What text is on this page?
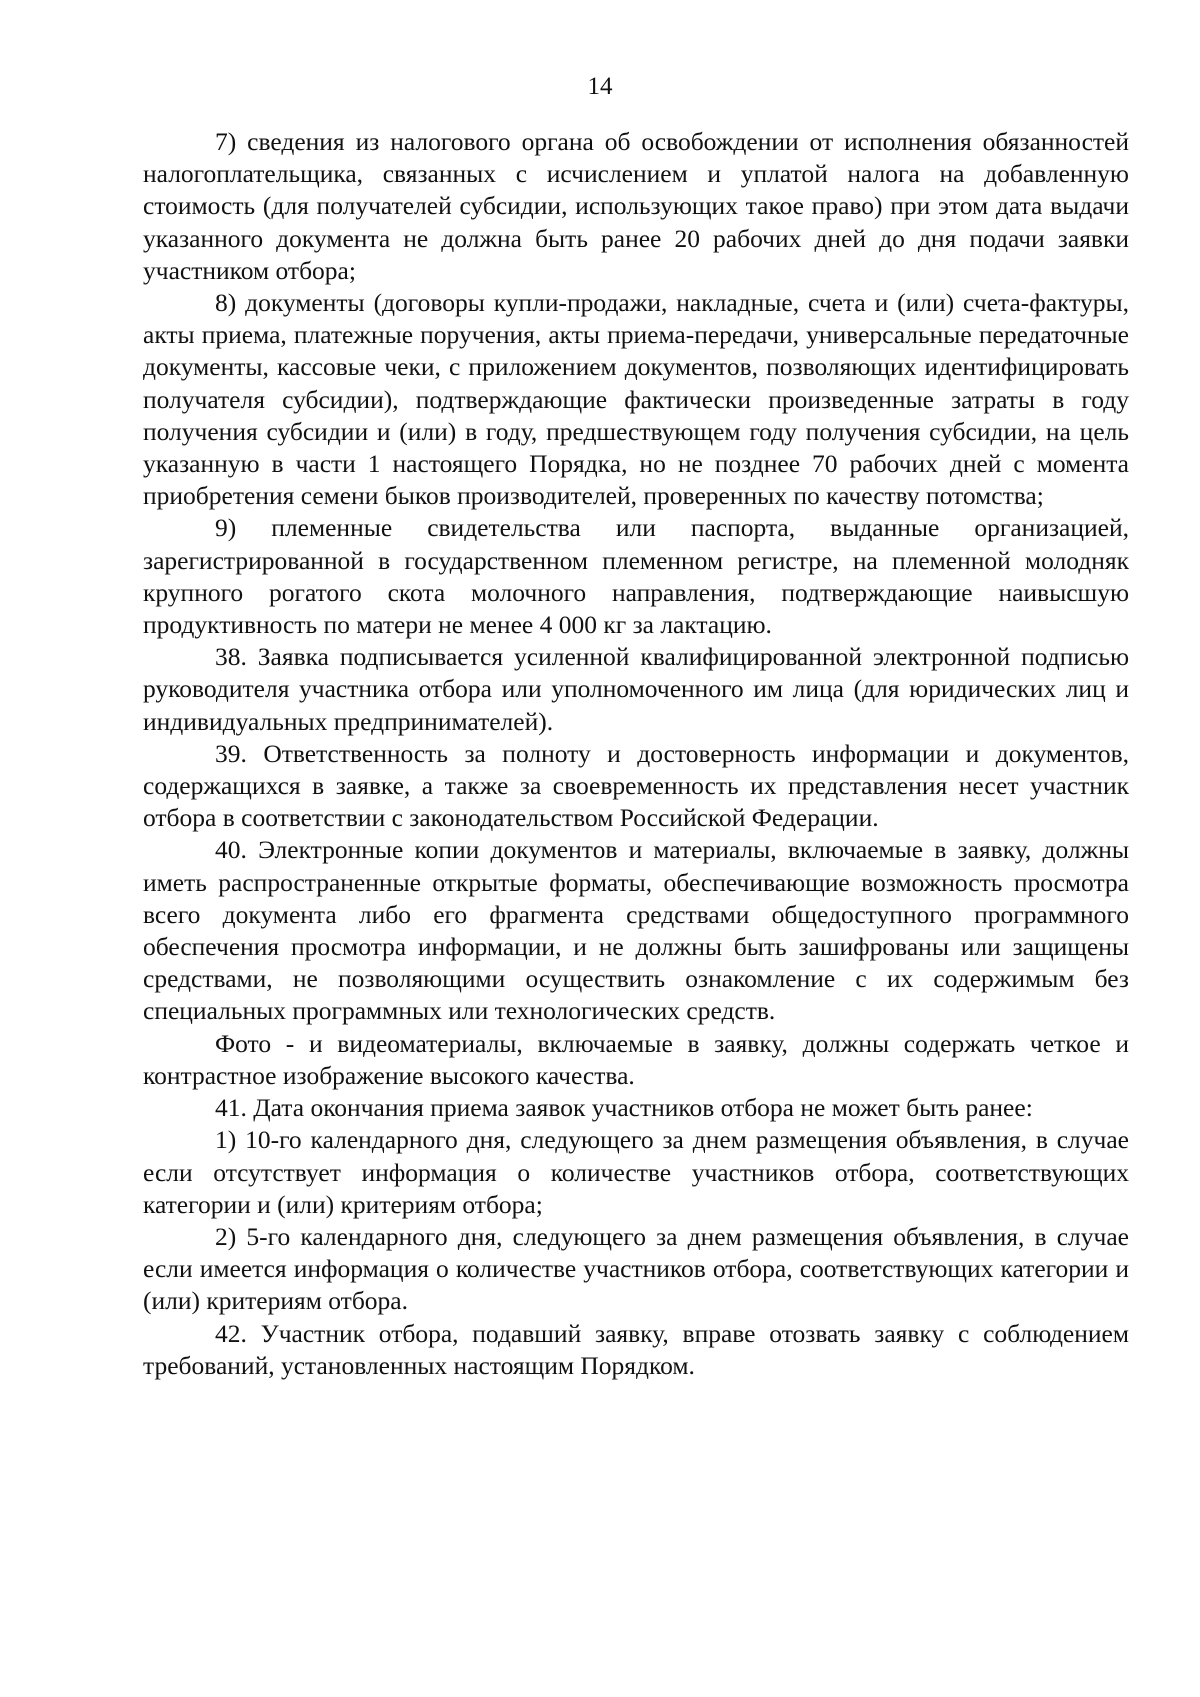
14

7) сведения из налогового органа об освобождении от исполнения обязанностей налогоплательщика, связанных с исчислением и уплатой налога на добавленную стоимость (для получателей субсидии, использующих такое право) при этом дата выдачи указанного документа не должна быть ранее 20 рабочих дней до дня подачи заявки участником отбора;

8) документы (договоры купли-продажи, накладные, счета и (или) счета-фактуры, акты приема, платежные поручения, акты приема-передачи, универсальные передаточные документы, кассовые чеки, с приложением документов, позволяющих идентифицировать получателя субсидии), подтверждающие фактически произведенные затраты в году получения субсидии и (или) в году, предшествующем году получения субсидии, на цель указанную в части 1 настоящего Порядка, но не позднее 70 рабочих дней с момента приобретения семени быков производителей, проверенных по качеству потомства;

9) племенные свидетельства или паспорта, выданные организацией, зарегистрированной в государственном племенном регистре, на племенной молодняк крупного рогатого скота молочного направления, подтверждающие наивысшую продуктивность по матери не менее 4 000 кг за лактацию.

38. Заявка подписывается усиленной квалифицированной электронной подписью руководителя участника отбора или уполномоченного им лица (для юридических лиц и индивидуальных предпринимателей).

39. Ответственность за полноту и достоверность информации и документов, содержащихся в заявке, а также за своевременность их представления несет участник отбора в соответствии с законодательством Российской Федерации.

40. Электронные копии документов и материалы, включаемые в заявку, должны иметь распространенные открытые форматы, обеспечивающие возможность просмотра всего документа либо его фрагмента средствами общедоступного программного обеспечения просмотра информации, и не должны быть зашифрованы или защищены средствами, не позволяющими осуществить ознакомление с их содержимым без специальных программных или технологических средств.

Фото - и видеоматериалы, включаемые в заявку, должны содержать четкое и контрастное изображение высокого качества.

41. Дата окончания приема заявок участников отбора не может быть ранее:

1) 10-го календарного дня, следующего за днем размещения объявления, в случае если отсутствует информация о количестве участников отбора, соответствующих категории и (или) критериям отбора;

2) 5-го календарного дня, следующего за днем размещения объявления, в случае если имеется информация о количестве участников отбора, соответствующих категории и (или) критериям отбора.

42. Участник отбора, подавший заявку, вправе отозвать заявку с соблюдением требований, установленных настоящим Порядком.
